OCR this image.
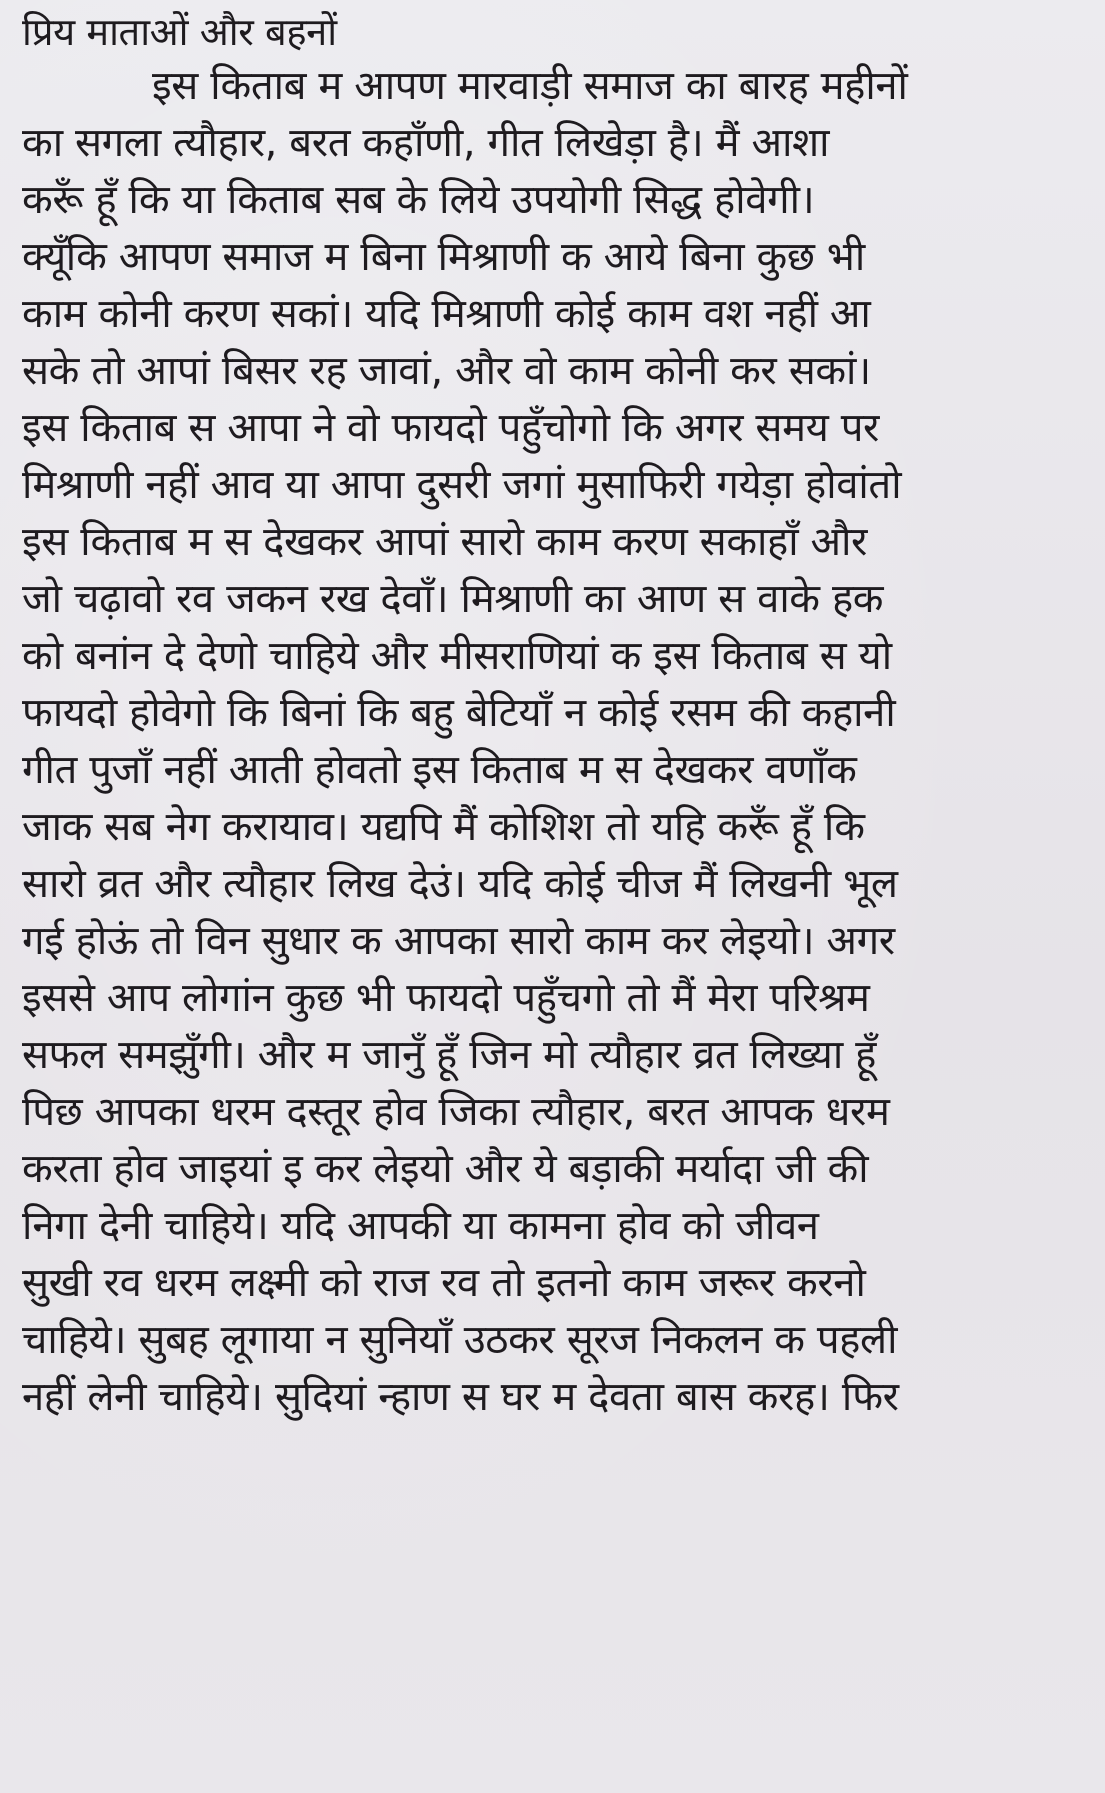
प्रिय माताओं और बहनों
इस किताब म आपण मारवाड़ी समाज का बारह महीनों
का सगला त्यौहार, बरत कहाँणी, गीत लिखेड़ा है। मैं आशा
करूँ हूँ कि या किताब सब के लिये उपयोगी सिद्ध होवेगी।
क्यूँकि आपण समाज म बिना मिश्राणी क आये बिना कुछ भी
काम कोनी करण सकां। यदि मिश्राणी कोई काम वश नहीं आ
सके तो आपां बिसर रह जावां, और वो काम कोनी कर सकां।
इस किताब स आपा ने वो फायदो पहुँचोगो कि अगर समय पर
मिश्राणी नहीं आव या आपा दुसरी जगां मुसाफिरी गयेड़ा होवांतो
इस किताब म स देखकर आपां सारो काम करण सकाहाँ और
जो चढ़ावो रव जकन रख देवाँ। मिश्राणी का आण स वाके हक
को बनांन दे देणो चाहिये और मीसराणियां क इस किताब स यो
फायदो होवेगो कि बिनां कि बहु बेटियाँ न कोई रसम की कहानी
गीत पुजाँ नहीं आती होवतो इस किताब म स देखकर वणाँक
जाक सब नेग करायाव। यद्यपि मैं कोशिश तो यहि करूँ हूँ कि
सारो व्रत और त्यौहार लिख देउं। यदि कोई चीज मैं लिखनी भूल
गई होऊं तो विन सुधार क आपका सारो काम कर लेइयो। अगर
इससे आप लोगांन कुछ भी फायदो पहुँचगो तो मैं मेरा परिश्रम
सफल समझुँगी। और म जानुँ हूँ जिन मो त्यौहार व्रत लिख्या हूँ
पिछ आपका धरम दस्तूर होव जिका त्यौहार, बरत आपक धरम
करता होव जाइयां इ कर लेइयो और ये बड़ाकी मर्यादा जी की
निगा देनी चाहिये। यदि आपकी या कामना होव को जीवन
सुखी रव धरम लक्ष्मी को राज रव तो इतनो काम जरूर करनो
चाहिये। सुबह लूगाया न सुनियाँ उठकर सूरज निकलन क पहली
नहीं लेनी चाहिये। सुदियां न्हाण स घर म देवता बास करह। फिर
